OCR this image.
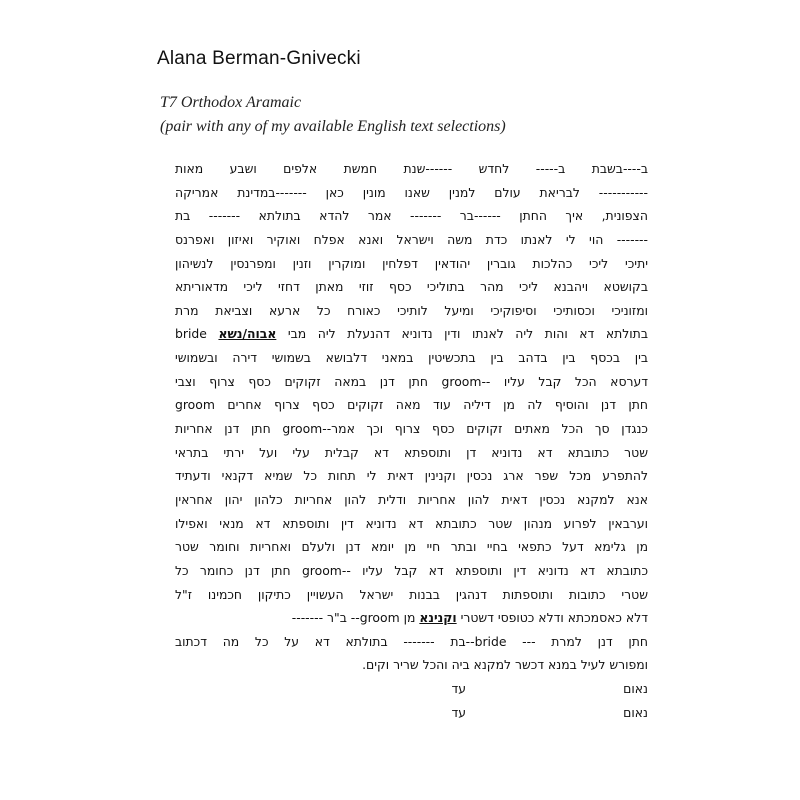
Alana Berman-Gnivecki
T7 Orthodox Aramaic
(pair with any of my available English text selections)
ב----בשבת ב----- לחדש ------שנת חמשת אלפים ושבע מאות
----------- לבריאת עולם למנין שאנו מונין כאן -------במדינת אמריקה
הצפונית, איך החתן ------בר ------- אמר להדא בתולתא ------- בת
------- הוי לי לאנתו כדת משה וישראל ואנא אפלח ואוקיר ואיזון ואפרנס
יתיכי ליכי כהלכות גוברין יהודאין דפלחין ומוקרין וזנין ומפרנסין לנשיהון
בקושטא ויהבנא ליכי מהר בתוליכי כסף זוזי מאתן דחזי ליכי מדאוריתא
ומזוניכי וכסותיכי וסיפוקיכי ומיעל לותיכי כאורח כל ארעא וצביאת מרת
bride בתולתא דא והות ליה לאנתו ודין נדוניא דהנעלת ליה מבי אבוה/נשא
בין בכסף בין בדהב בין בתכשיטין במאני דלבושא בשמושי דירה ובשמושי
דערסא הכל קבל עליו --groom חתן דנן במאה זקוקים כסף צרוף וצבי
groom חתן דנן והוסיף לה מן דיליה עוד מאה זקוקים כסף צרוף אחרים
כנגדן סך הכל מאתים זקוקים כסף צרוף וכך אמר--groom חתן דנן אחריות
שטר כתובתא דא נדוניא דן ותוספתא דא קבלית עלי ועל ירתי בתראי
להתפרע מכל שפר ארג נכסין וקנינין דאית לי תחות כל שמיא דקנאי ודעתיד
אנא למקנא נכסין דאית להון אחריות ודלית להון אחריות כלהון יהון אחראין
וערבאין לפרוע מנהון שטר כתובתא דא נדוניא דין ותוספתא דא מנאי ואפילו
מן גלימא דעל כתפאי בחיי ובתר חיי מן יומא דנן ולעלם ואחריות וחומר שטר
כתובתא דא נדוניא דין ותוספתא דא קבל עליו --groom חתן דנן כחומר כל
שטרי כתובות ותוספתות דנהגין בבנות ישראל העשויין כתיקון חכמינו ז"ל
דלא כאסמכתא ודלא כטופסי דשטרי וקנינא מן groom-- ב"ר -------
חתן דנן למרת --- bride--בת ------- בתולתא דא על כל מה דכתוב
ומפורש לעיל במנא דכשר למקנא ביה והכל שריר וקים.
נאום
עד
נאום
עד
